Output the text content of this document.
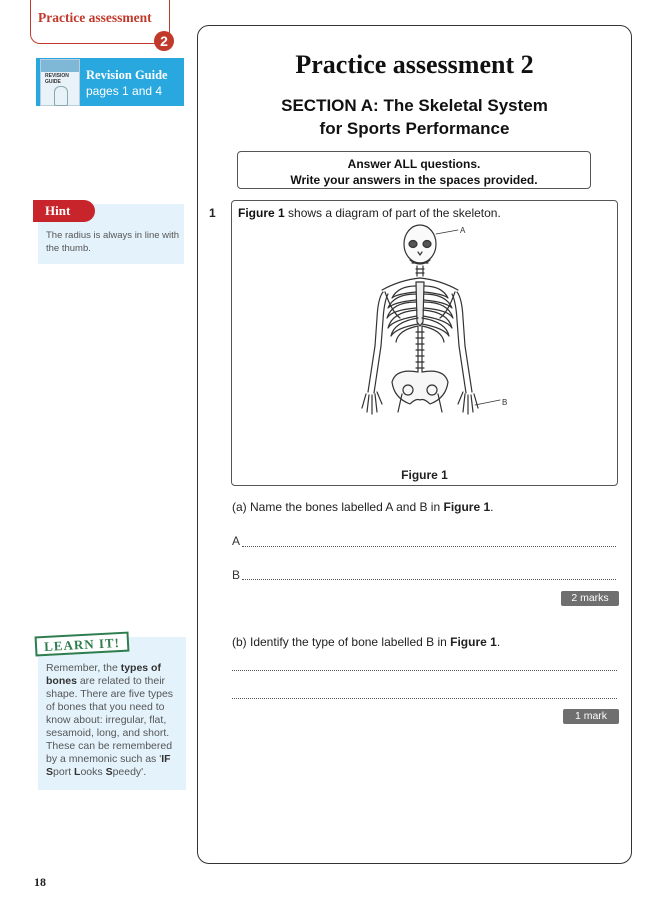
Practice assessment
2
REVISION GUIDE	Revision Guide
pages 1 and 4
Hint
The radius is always in line with the thumb.
LEARN IT!
Remember, the types of bones are related to their shape. There are five types of bones that you need to know about: irregular, flat, sesamoid, long, and short. These can be remembered by a mnemonic such as 'IF Sport Looks Speedy'.
18
Practice assessment 2
SECTION A: The Skeletal System
for Sports Performance
Answer ALL questions.
Write your answers in the spaces provided.
1 Figure 1 shows a diagram of part of the skeleton.
A
B
Figure 1
(a) Name the bones labelled A and B in Figure 1.
A
B
2 marks
(b) Identify the type of bone labelled B in Figure 1.
1 mark
